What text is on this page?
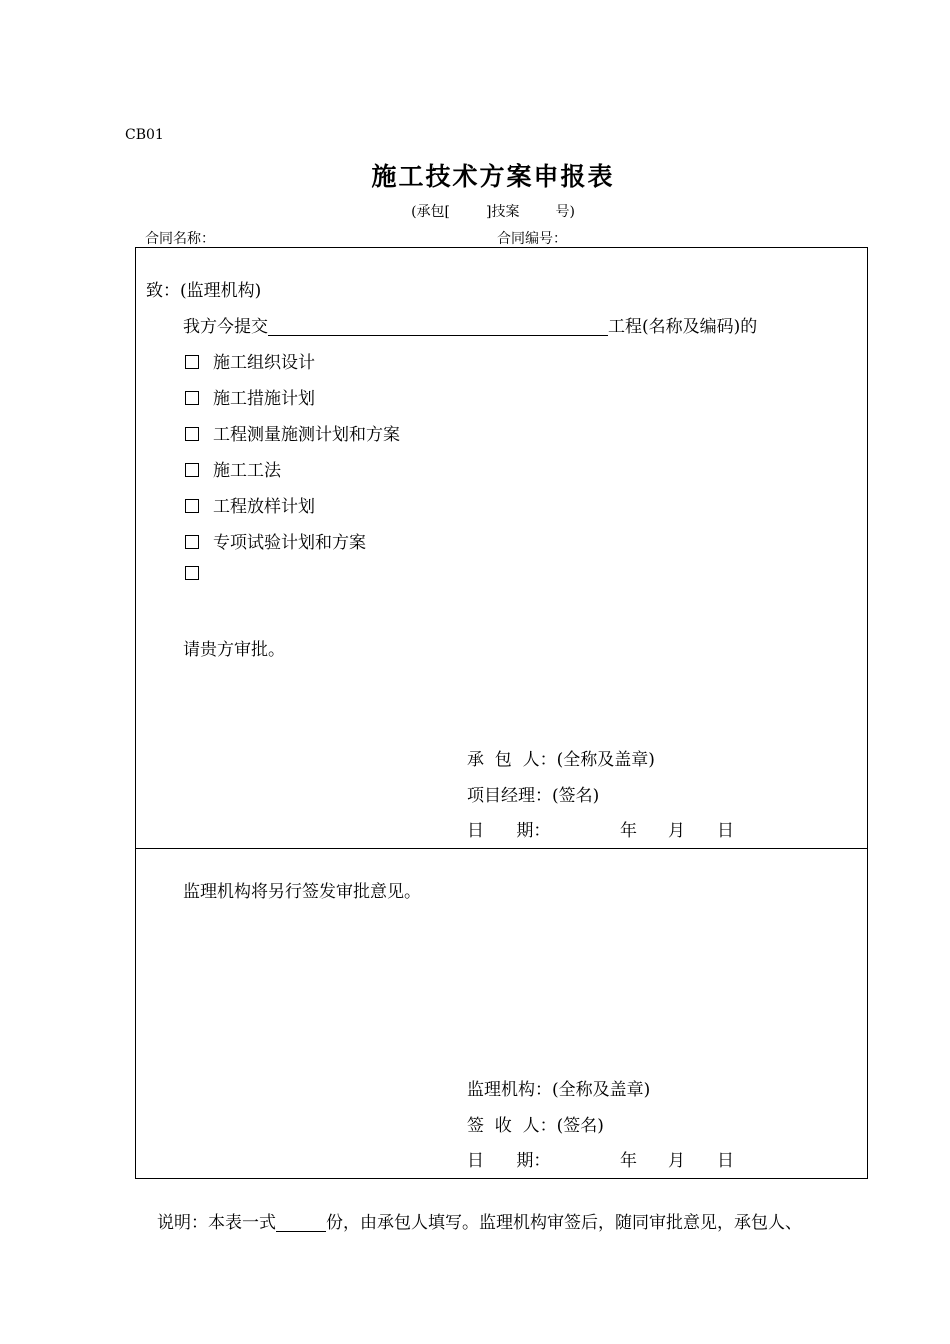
CB01
施工技术方案申报表
(承包[	]技案	号)
合同名称：	合同编号：
致：(监理机构)
我方今提交	工程(名称及编码)的
施工组织设计
施工措施计划
工程测量施测计划和方案
施工工法
工程放样计划
专项试验计划和方案
请贵方审批。
承  包  人：(全称及盖章)
项目经理：(签名)
日      期：	年 月 日
监理机构将另行签发审批意见。
监理机构：(全称及盖章)
签  收  人：(签名)
日      期：	年 月 日
说明：本表一式	份，由承包人填写。监理机构审签后，随同审批意见，承包人、
